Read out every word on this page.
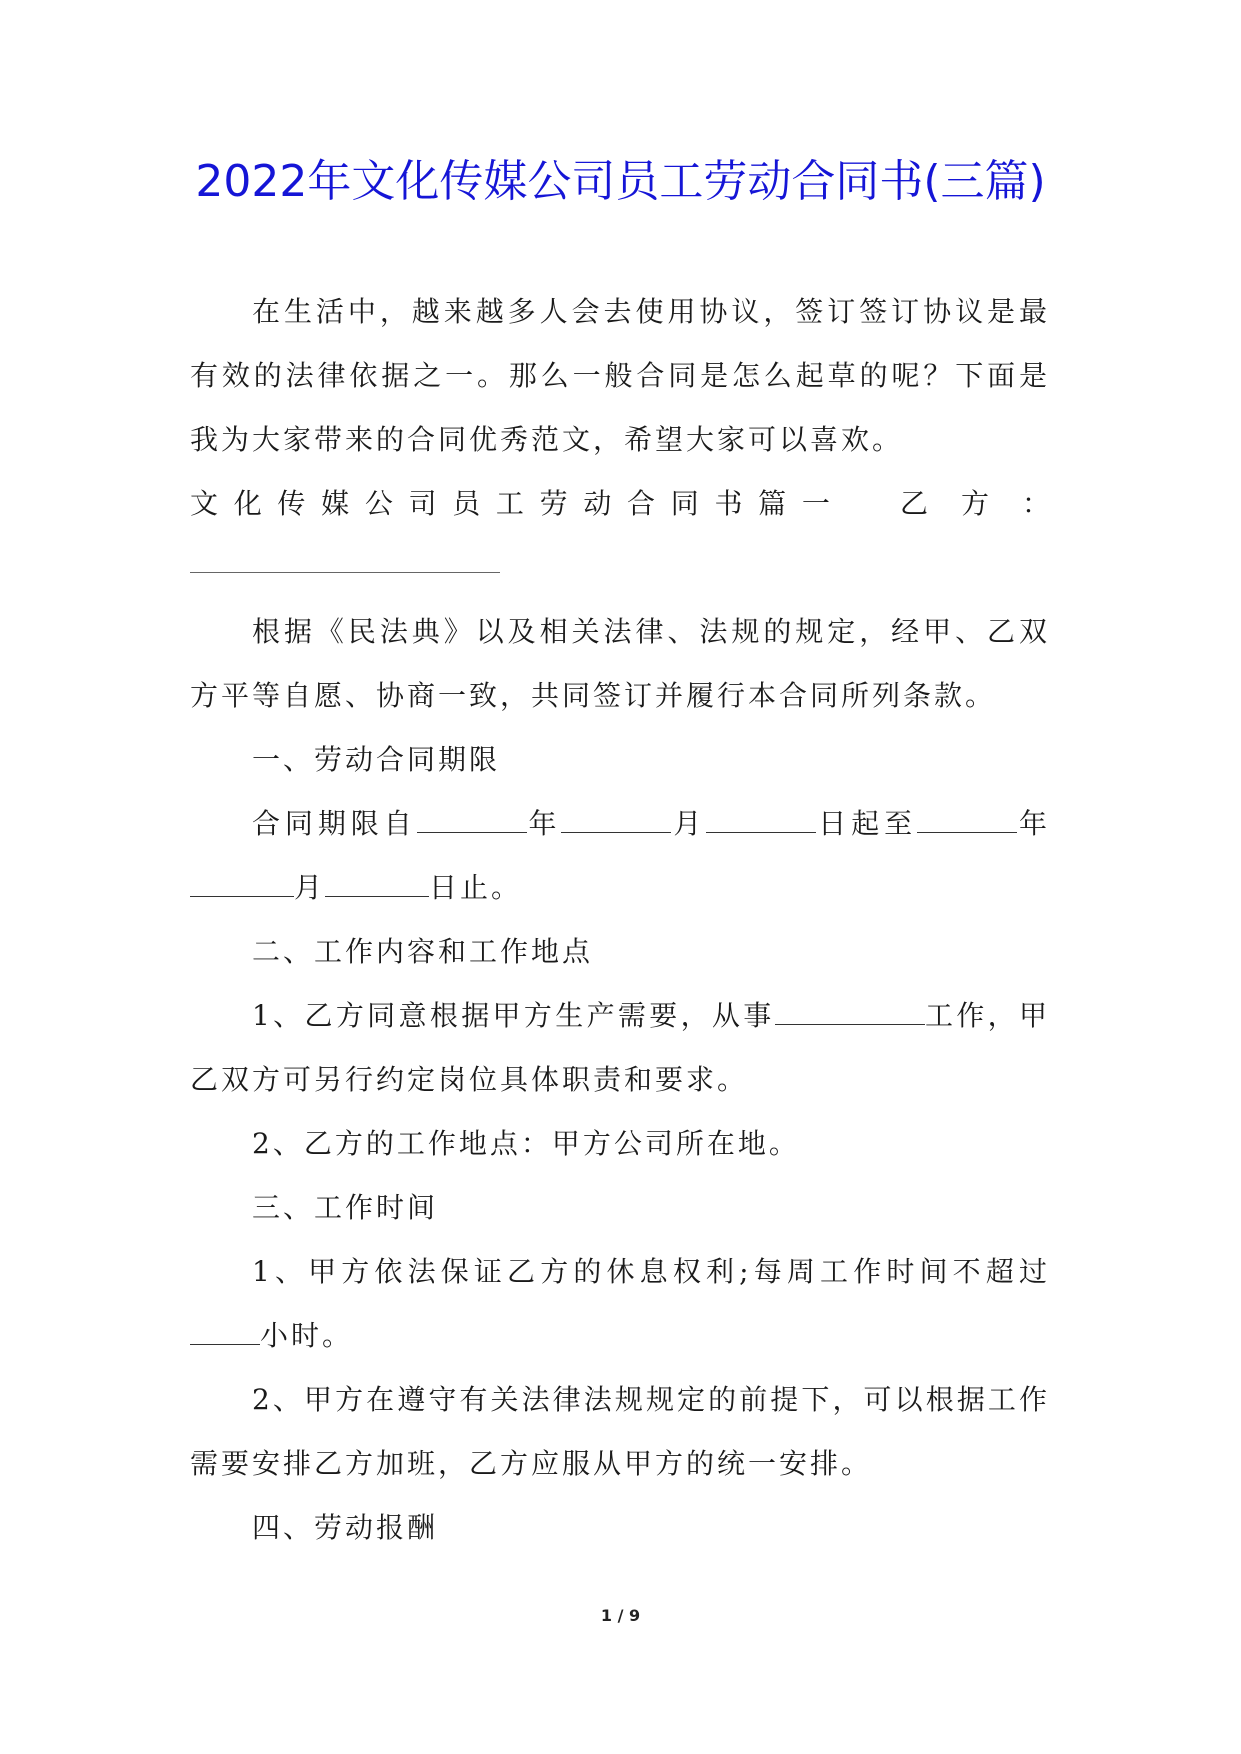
2022年文化传媒公司员工劳动合同书(三篇)

在生活中，越来越多人会去使用协议，签订签订协议是最有效的法律依据之一。那么一般合同是怎么起草的呢？下面是我为大家带来的合同优秀范文，希望大家可以喜欢。

文 化 传 媒 公 司 员 工 劳 动 合 同 书 篇 一	乙 方 ：

根据《民法典》以及相关法律、法规的规定，经甲、乙双方平等自愿、协商一致，共同签订并履行本合同所列条款。

一、劳动合同期限

合同期限自	年	月	日起至	年月	日止。

二、工作内容和工作地点

1、乙方同意根据甲方生产需要，从事	工作，甲乙双方可另行约定岗位具体职责和要求。

2、乙方的工作地点：甲方公司所在地。

三、工作时间

1、甲方依法保证乙方的休息权利;每周工作时间不超过小时。

2、甲方在遵守有关法律法规规定的前提下，可以根据工作需要安排乙方加班，乙方应服从甲方的统一安排。

四、劳动报酬

1 / 9
